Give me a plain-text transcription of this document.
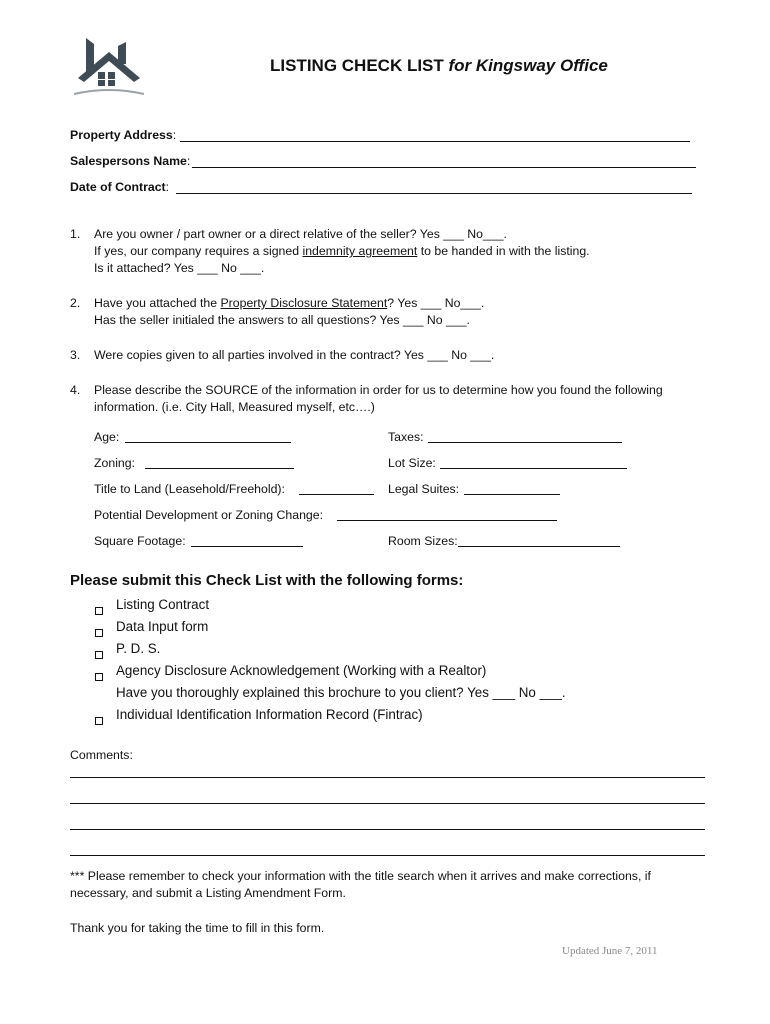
LISTING CHECK LIST for Kingsway Office
Property Address:
Salespersons Name:
Date of Contract:
1. Are you owner / part owner or a direct relative of the seller? Yes ___ No___.
If yes, our company requires a signed indemnity agreement to be handed in with the listing.
Is it attached? Yes ___ No ___.
2. Have you attached the Property Disclosure Statement? Yes ___ No___.
Has the seller initialed the answers to all questions? Yes ___ No ___.
3. Were copies given to all parties involved in the contract? Yes ___ No ___.
4. Please describe the SOURCE of the information in order for us to determine how you found the following
information. (i.e. City Hall, Measured myself, etc….)
Age:	Taxes:
Zoning:	Lot Size:
Title to Land (Leasehold/Freehold):	Legal Suites:
Potential Development or Zoning Change:
Square Footage:	Room Sizes:
Please submit this Check List with the following forms:
Listing Contract
Data Input form
P. D. S.
Agency Disclosure Acknowledgement (Working with a Realtor)
Have you thoroughly explained this brochure to you client? Yes ___ No ___.
Individual Identification Information Record (Fintrac)
Comments:
*** Please remember to check your information with the title search when it arrives and make corrections, if
necessary, and submit a Listing Amendment Form.
Thank you for taking the time to fill in this form.
Updated June 7, 2011
